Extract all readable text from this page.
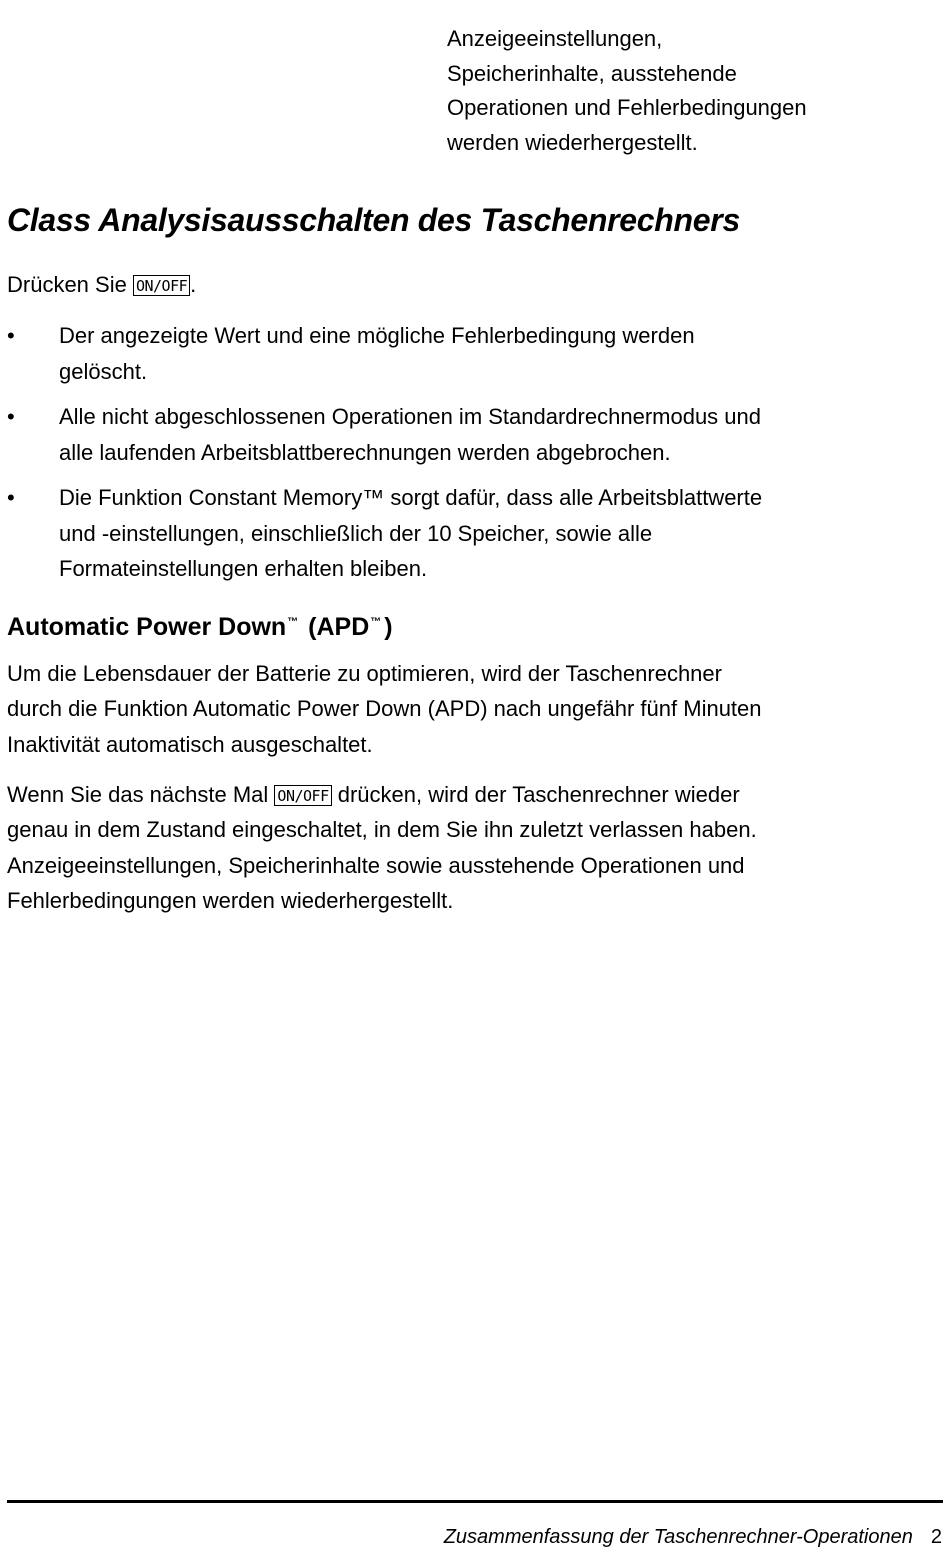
Anzeigeeinstellungen,
Speicherinhalte, ausstehende
Operationen und Fehlerbedingungen
werden wiederhergestellt.
Class Analysisausschalten des Taschenrechners
Drücken Sie ON/OFF .
• Der angezeigte Wert und eine mögliche Fehlerbedingung werden
gelöscht.
• Alle nicht abgeschlossenen Operationen im Standardrechnermodus und
alle laufenden Arbeitsblattberechnungen werden abgebrochen.
• Die Funktion Constant Memory™ sorgt dafür, dass alle Arbeitsblattwerte
und -einstellungen, einschließlich der 10 Speicher, sowie alle
Formateinstellungen erhalten bleiben.
Automatic Power Down™ (APD™ )
Um die Lebensdauer der Batterie zu optimieren, wird der Taschenrechner
durch die Funktion Automatic Power Down (APD) nach ungefähr fünf Minuten
Inaktivität automatisch ausgeschaltet.
Wenn Sie das nächste Mal ON/OFF drücken, wird der Taschenrechner wieder
genau in dem Zustand eingeschaltet, in dem Sie ihn zuletzt verlassen haben.
Anzeigeeinstellungen, Speicherinhalte sowie ausstehende Operationen und
Fehlerbedingungen werden wiederhergestellt.
Zusammenfassung der Taschenrechner-Operationen 2
